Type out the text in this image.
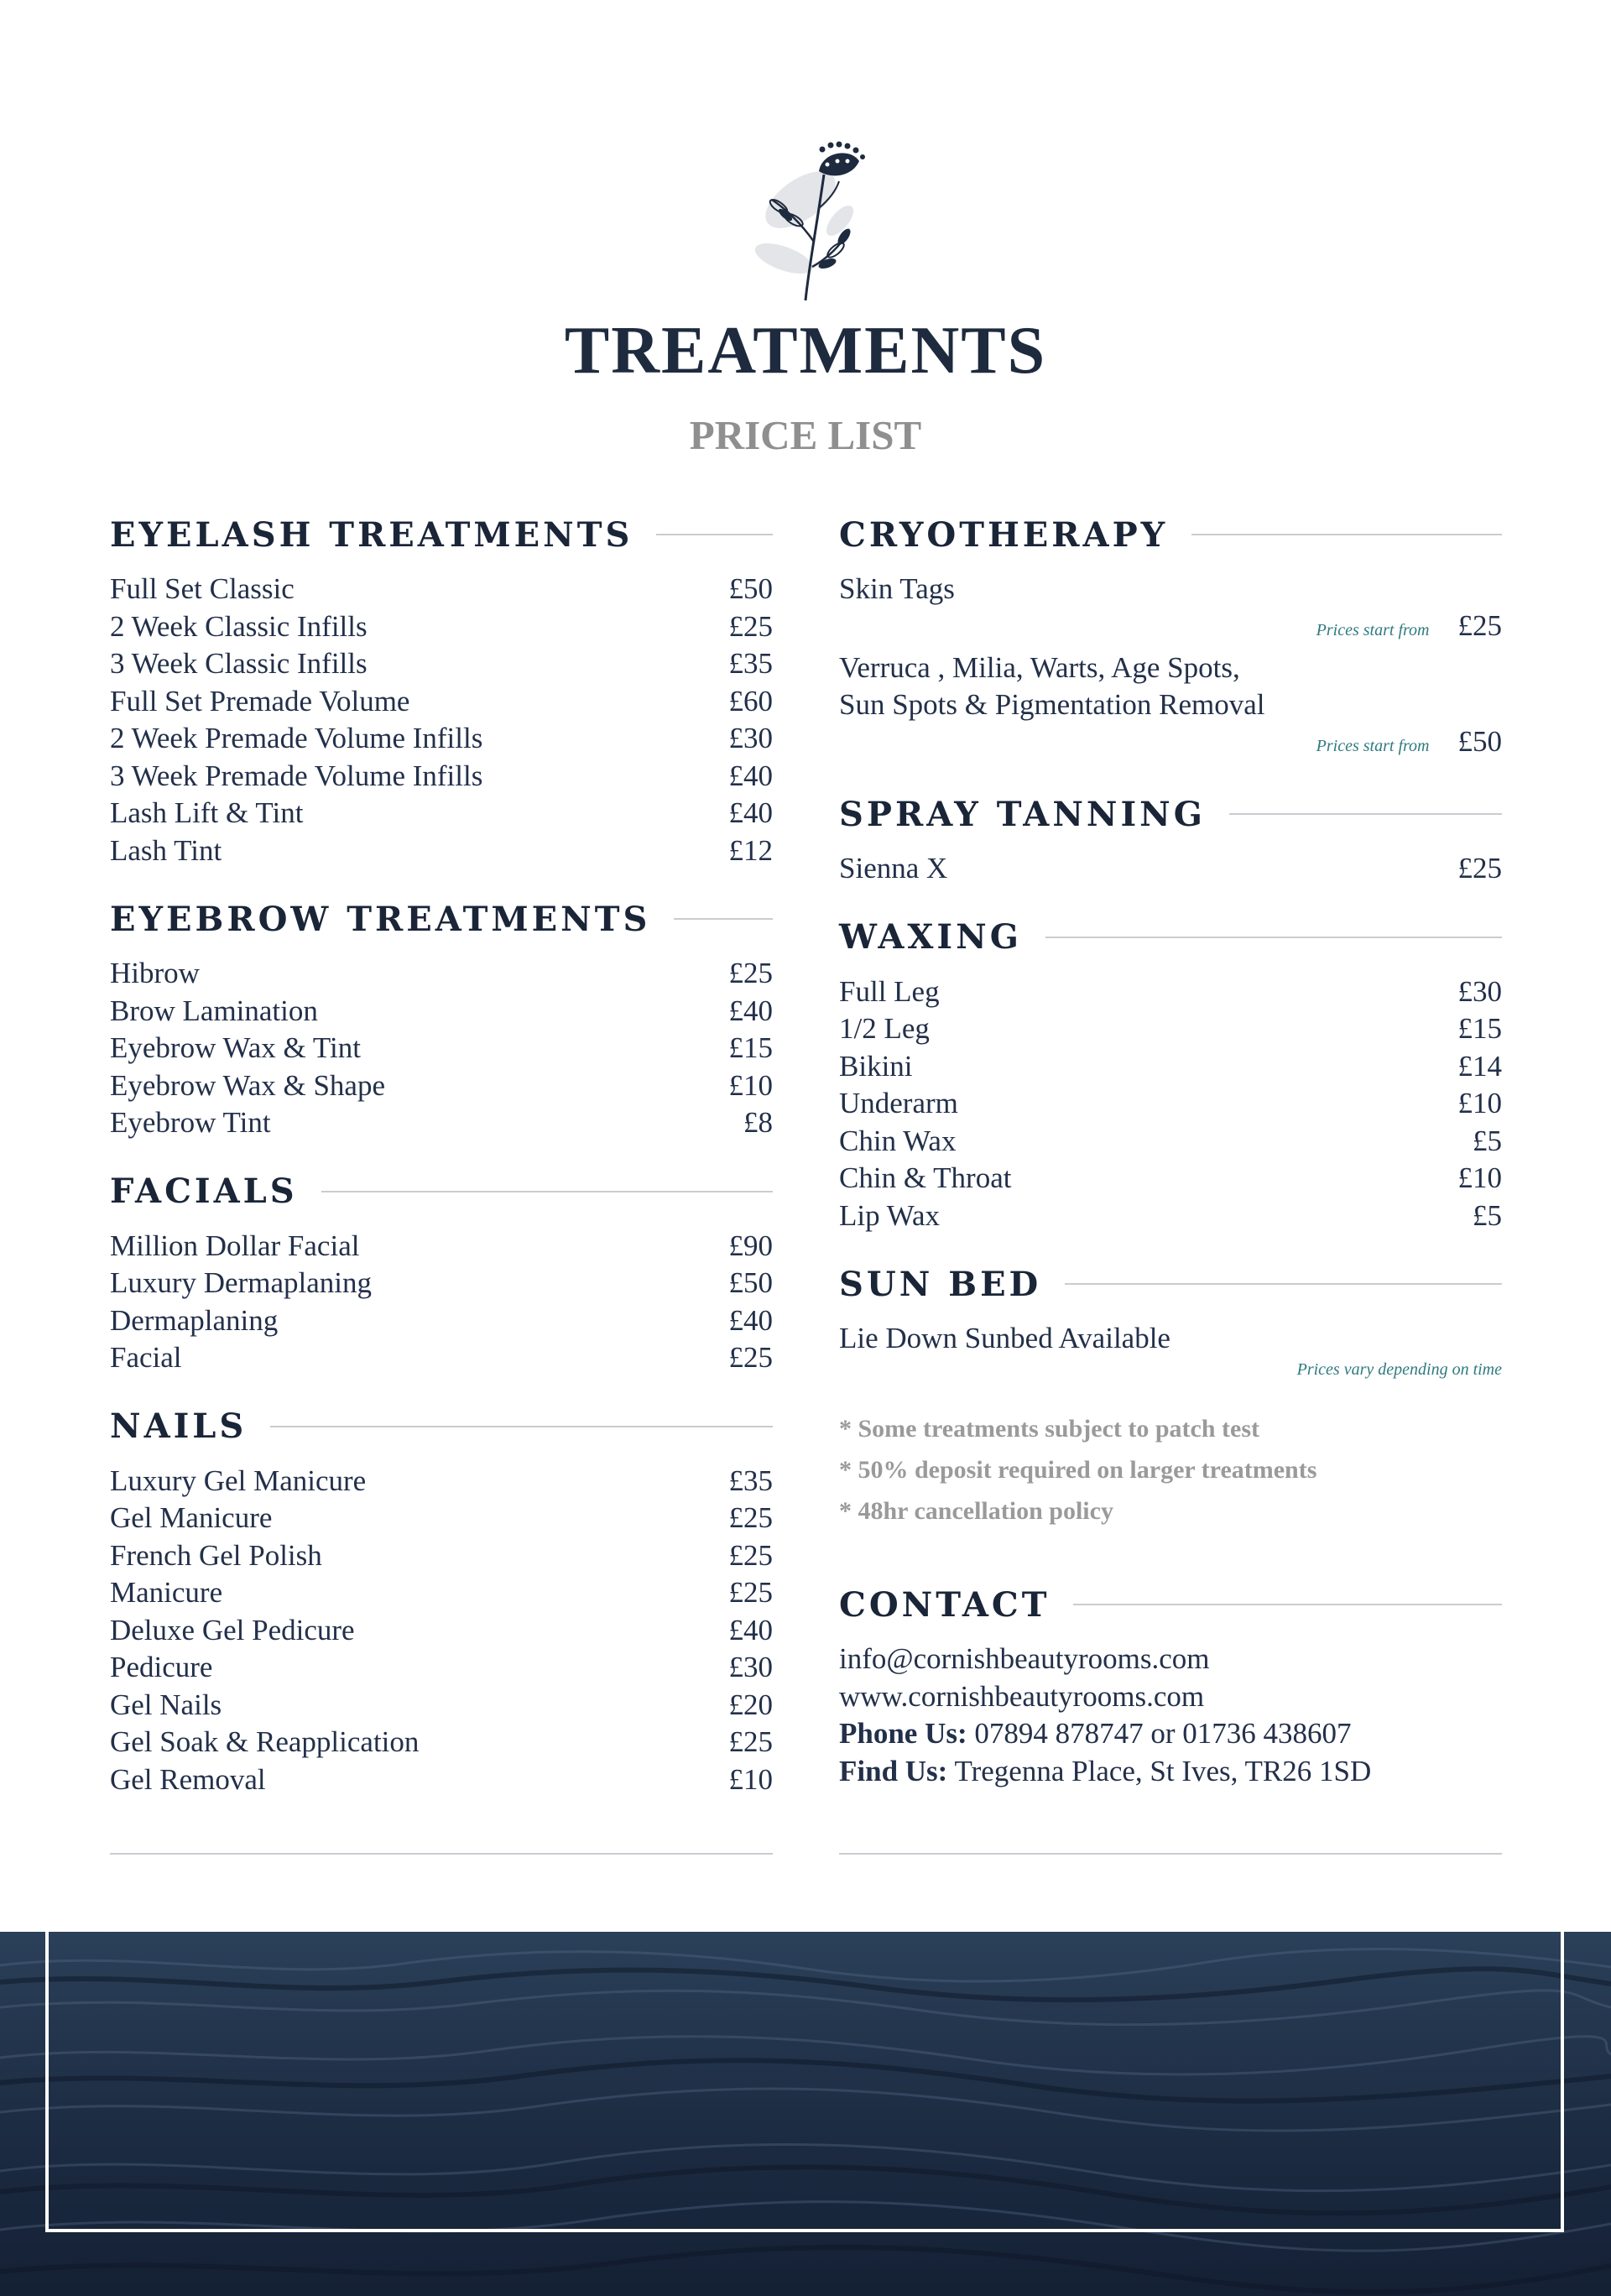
TREATMENTS
PRICE LIST
EYELASH TREATMENTS
Full Set Classic	£50
2 Week Classic Infills	£25
3 Week Classic Infills	£35
Full Set Premade Volume	£60
2 Week Premade Volume Infills	£30
3 Week Premade Volume Infills	£40
Lash Lift & Tint	£40
Lash Tint	£12
EYEBROW TREATMENTS
Hibrow	£25
Brow Lamination	£40
Eyebrow Wax & Tint	£15
Eyebrow Wax & Shape	£10
Eyebrow Tint	£8
FACIALS
Million Dollar Facial	£90
Luxury Dermaplaning	£50
Dermaplaning	£40
Facial	£25
NAILS
Luxury Gel Manicure	£35
Gel Manicure	£25
French Gel Polish	£25
Manicure	£25
Deluxe Gel Pedicure	£40
Pedicure	£30
Gel Nails	£20
Gel Soak & Reapplication	£25
Gel Removal	£10
CRYOTHERAPY
Skin Tags
Prices start from £25
Verruca , Milia, Warts, Age Spots,
Sun Spots & Pigmentation Removal
Prices start from £50
SPRAY TANNING
Sienna X	£25
WAXING
Full Leg	£30
1/2 Leg	£15
Bikini	£14
Underarm	£10
Chin Wax	£5
Chin & Throat	£10
Lip Wax	£5
SUN BED
Lie Down Sunbed Available
Prices vary depending on time
* Some treatments subject to patch test
* 50% deposit required on larger treatments
* 48hr cancellation policy
CONTACT
info@cornishbeautyrooms.com
www.cornishbeautyrooms.com
Phone Us: 07894 878747 or 01736 438607
Find Us: Tregenna Place, St Ives, TR26 1SD
